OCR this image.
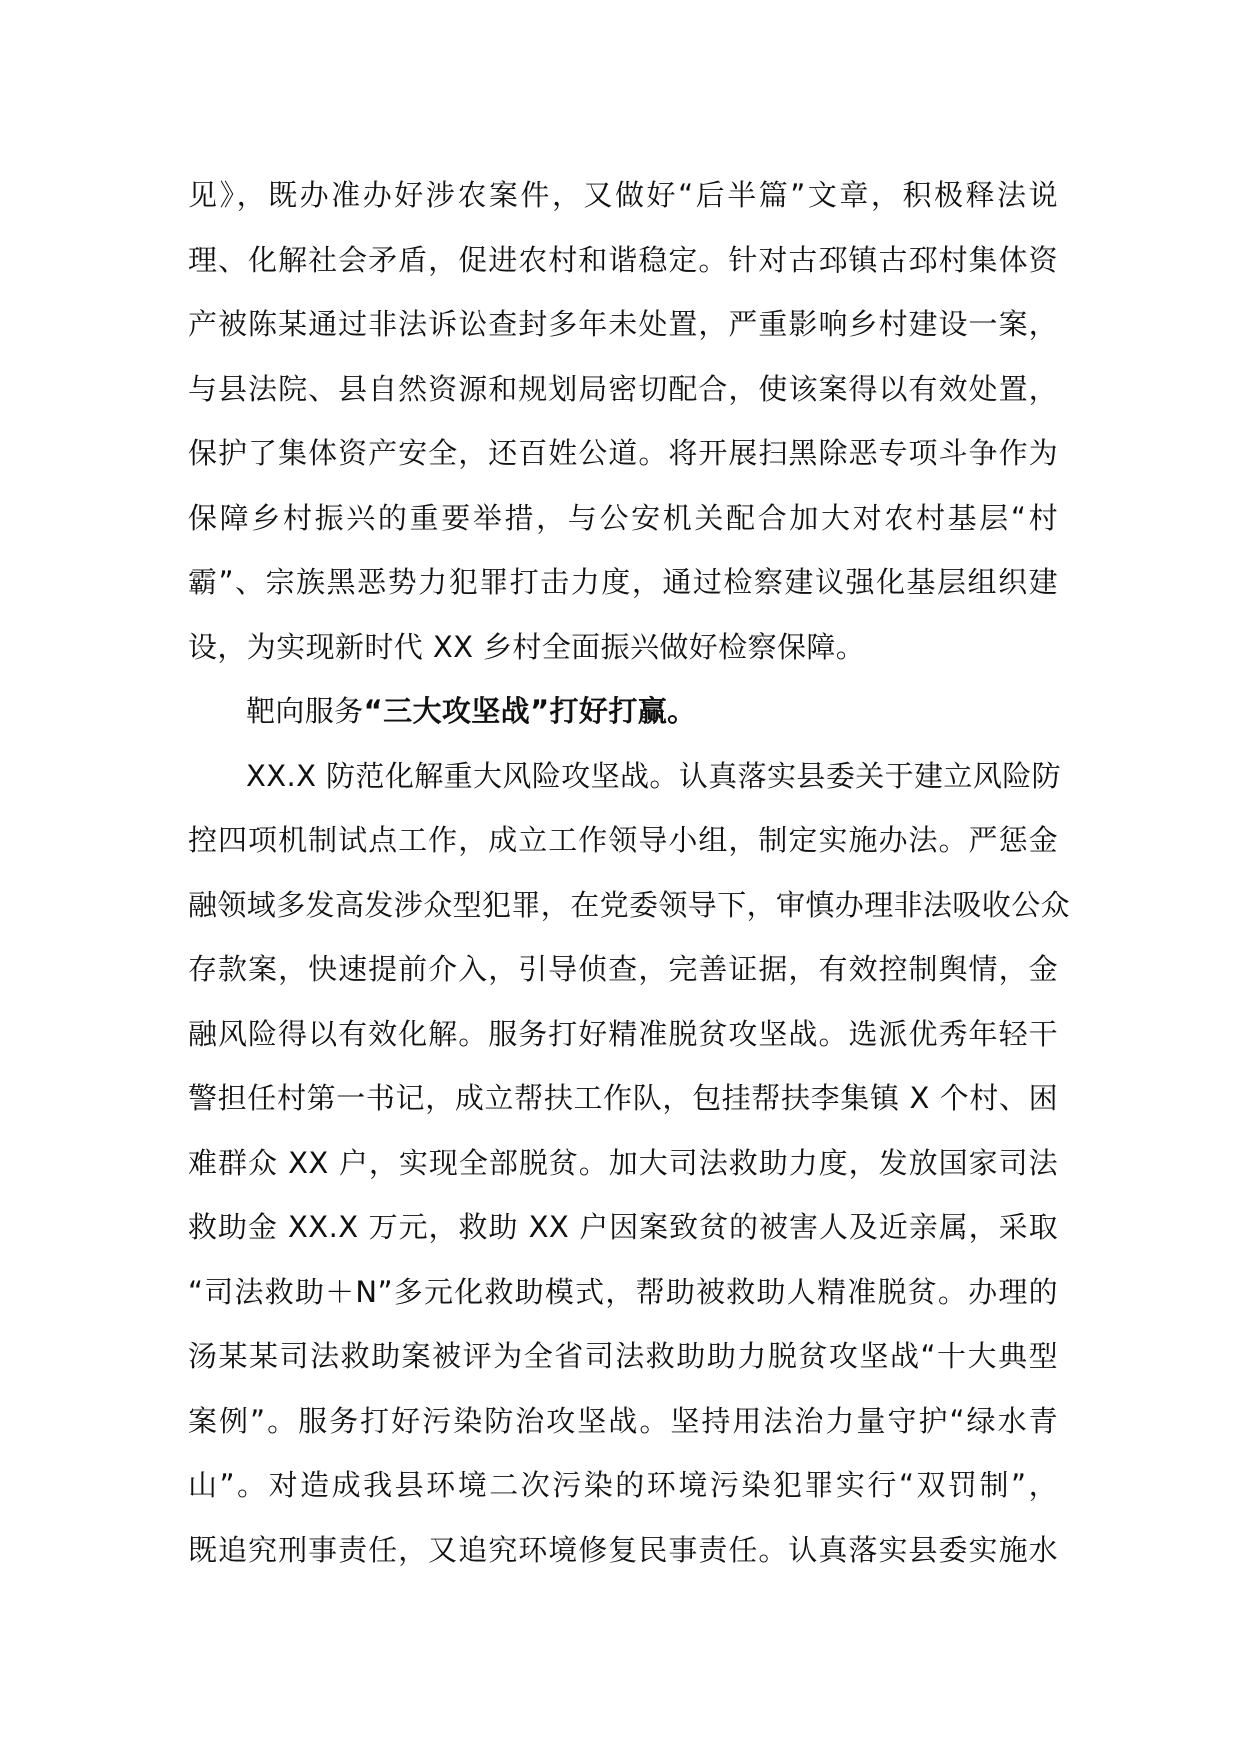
见》，既办准办好涉农案件，又做好“后半篇”文章，积极释法说
理、化解社会矛盾，促进农村和谐稳定。针对古邳镇古邳村集体资
产被陈某通过非法诉讼查封多年未处置，严重影响乡村建设一案，
与县法院、县自然资源和规划局密切配合，使该案得以有效处置，
保护了集体资产安全，还百姓公道。将开展扫黑除恶专项斗争作为
保障乡村振兴的重要举措，与公安机关配合加大对农村基层“村
霸”、宗族黑恶势力犯罪打击力度，通过检察建议强化基层组织建
设，为实现新时代 XX 乡村全面振兴做好检察保障。
靶向服务“三大攻坚战”打好打赢。
XX.X 防范化解重大风险攻坚战。认真落实县委关于建立风险防
控四项机制试点工作，成立工作领导小组，制定实施办法。严惩金
融领域多发高发涉众型犯罪，在党委领导下，审慎办理非法吸收公众
存款案，快速提前介入，引导侦查，完善证据，有效控制舆情，金
融风险得以有效化解。服务打好精准脱贫攻坚战。选派优秀年轻干
警担任村第一书记，成立帮扶工作队，包挂帮扶李集镇 X 个村、困
难群众 XX 户，实现全部脱贫。加大司法救助力度，发放国家司法
救助金 XX.X 万元，救助 XX 户因案致贫的被害人及近亲属，采取
“司法救助＋N”多元化救助模式，帮助被救助人精准脱贫。办理的
汤某某司法救助案被评为全省司法救助助力脱贫攻坚战“十大典型
案例”。服务打好污染防治攻坚战。坚持用法治力量守护“绿水青
山”。对造成我县环境二次污染的环境污染犯罪实行“双罚制”，
既追究刑事责任，又追究环境修复民事责任。认真落实县委实施水
